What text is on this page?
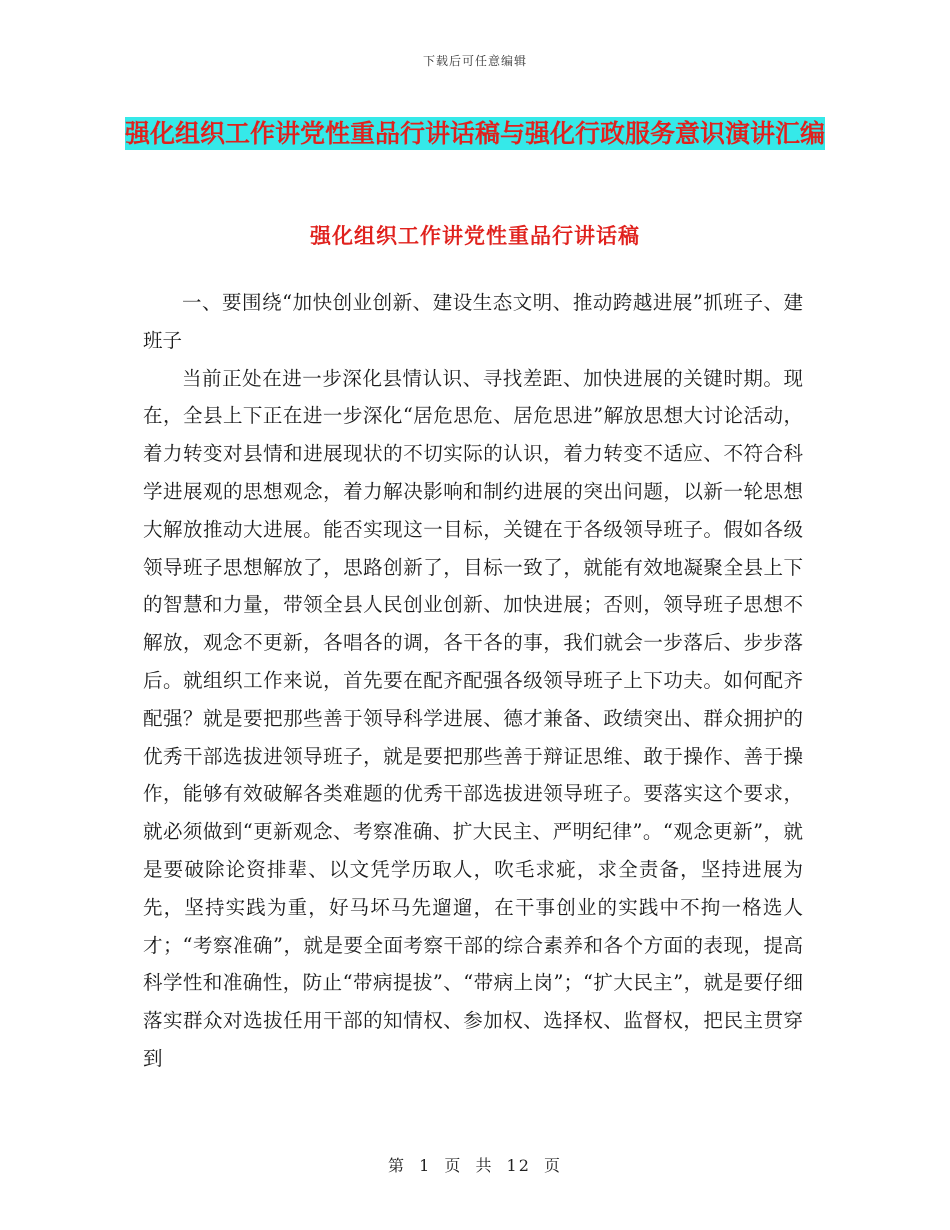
下载后可任意编辑
强化组织工作讲党性重品行讲话稿与强化行政服务意识演讲汇编
强化组织工作讲党性重品行讲话稿

一、要围绕“加快创业创新、建设生态文明、推动跨越进展”抓班子、建班子

当前正处在进一步深化县情认识、寻找差距、加快进展的关键时期。现在，全县上下正在进一步深化“居危思危、居危思进”解放思想大讨论活动，着力转变对县情和进展现状的不切实际的认识，着力转变不适应、不符合科学进展观的思想观念，着力解决影响和制约进展的突出问题，以新一轮思想大解放推动大进展。能否实现这一目标，关键在于各级领导班子。假如各级领导班子思想解放了，思路创新了，目标一致了，就能有效地凝聚全县上下的智慧和力量，带领全县人民创业创新、加快进展；否则，领导班子思想不解放，观念不更新，各唱各的调，各干各的事，我们就会一步落后、步步落后。就组织工作来说，首先要在配齐配强各级领导班子上下功夫。如何配齐配强？就是要把那些善于领导科学进展、德才兼备、政绩突出、群众拥护的优秀干部选拔进领导班子，就是要把那些善于辩证思维、敢于操作、善于操作，能够有效破解各类难题的优秀干部选拔进领导班子。要落实这个要求，就必须做到“更新观念、考察准确、扩大民主、严明纪律”。“观念更新”，就是要破除论资排辈、以文凭学历取人，吹毛求疵，求全责备，坚持进展为先，坚持实践为重，好马坏马先遛遛，在干事创业的实践中不拘一格选人才；“考察准确”，就是要全面考察干部的综合素养和各个方面的表现，提高科学性和准确性，防止“带病提拔”、“带病上岗”；“扩大民主”，就是要仔细落实群众对选拔任用干部的知情权、参加权、选择权、监督权，把民主贯穿到

第 1 页 共 12 页
